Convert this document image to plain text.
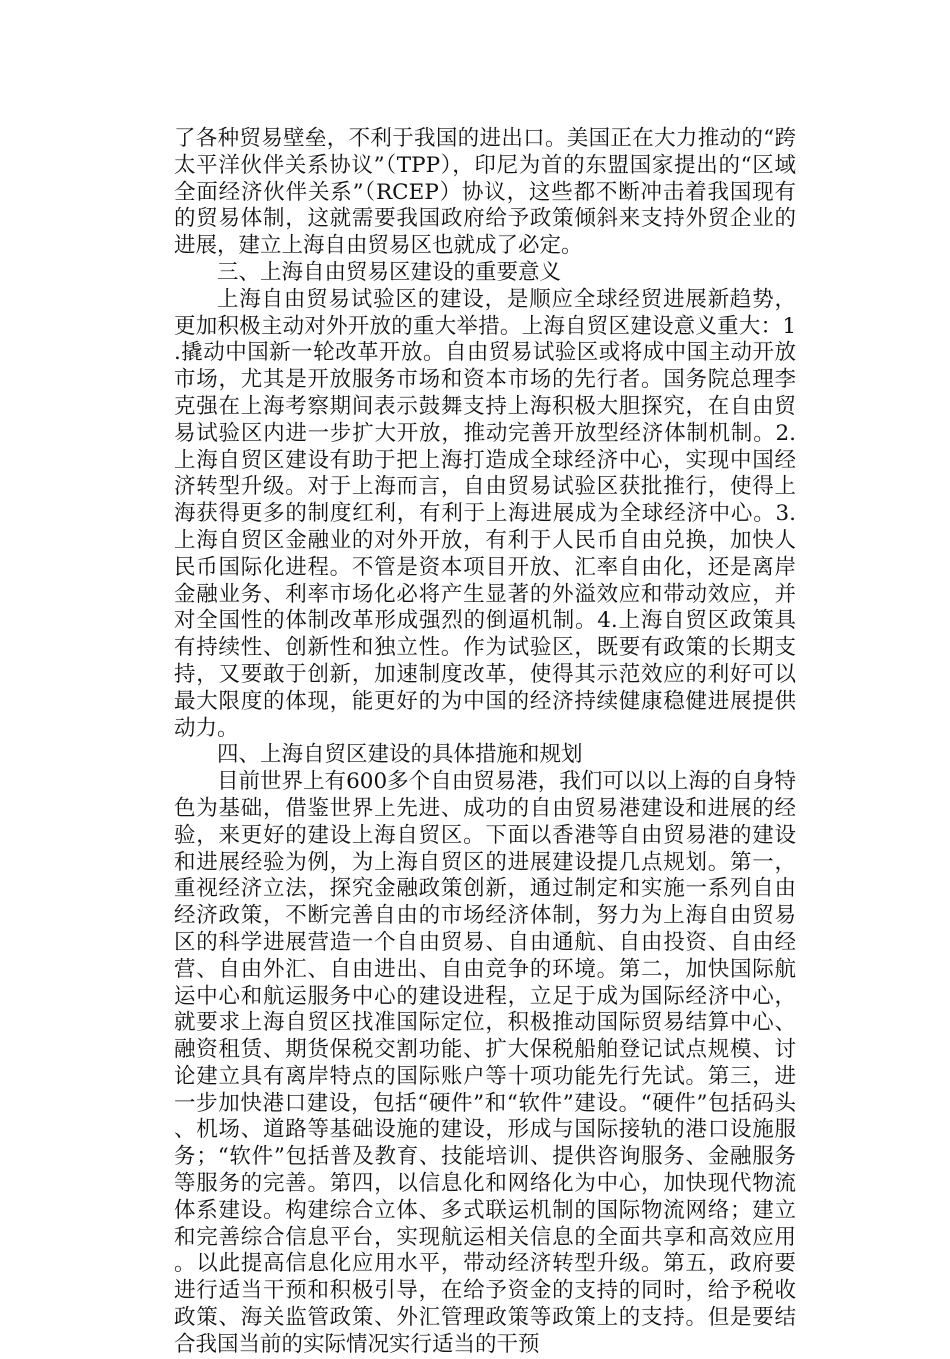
了各种贸易壁垒，不利于我国的进出口。美国正在大力推动的“跨太平洋伙伴关系协议”（TPP），印尼为首的东盟国家提出的“区域全面经济伙伴关系”（RCEP）协议，这些都不断冲击着我国现有的贸易体制，这就需要我国政府给予政策倾斜来支持外贸企业的进展，建立上海自由贸易区也就成了必定。

三、上海自由贸易区建设的重要意义

上海自由贸易试验区的建设，是顺应全球经贸进展新趋势，更加积极主动对外开放的重大举措。上海自贸区建设意义重大：1.撬动中国新一轮改革开放。自由贸易试验区或将成中国主动开放市场，尤其是开放服务市场和资本市场的先行者。国务院总理李克强在上海考察期间表示鼓舞支持上海积极大胆探究，在自由贸易试验区内进一步扩大开放，推动完善开放型经济体制机制。2.上海自贸区建设有助于把上海打造成全球经济中心，实现中国经济转型升级。对于上海而言，自由贸易试验区获批推行，使得上海获得更多的制度红利，有利于上海进展成为全球经济中心。3.上海自贸区金融业的对外开放，有利于人民币自由兑换，加快人民币国际化进程。不管是资本项目开放、汇率自由化，还是离岸金融业务、利率市场化必将产生显著的外溢效应和带动效应，并对全国性的体制改革形成强烈的倒逼机制。4.上海自贸区政策具有持续性、创新性和独立性。作为试验区，既要有政策的长期支持，又要敢于创新，加速制度改革，使得其示范效应的利好可以最大限度的体现，能更好的为中国的经济持续健康稳健进展提供动力。

四、上海自贸区建设的具体措施和规划

目前世界上有600多个自由贸易港，我们可以以上海的自身特色为基础，借鉴世界上先进、成功的自由贸易港建设和进展的经验，来更好的建设上海自贸区。下面以香港等自由贸易港的建设和进展经验为例，为上海自贸区的进展建设提几点规划。第一，重视经济立法，探究金融政策创新，通过制定和实施一系列自由经济政策，不断完善自由的市场经济体制，努力为上海自由贸易区的科学进展营造一个自由贸易、自由通航、自由投资、自由经营、自由外汇、自由进出、自由竞争的环境。第二，加快国际航运中心和航运服务中心的建设进程，立足于成为国际经济中心，就要求上海自贸区找准国际定位，积极推动国际贸易结算中心、融资租赁、期货保税交割功能、扩大保税船舶登记试点规模、讨论建立具有离岸特点的国际账户等十项功能先行先试。第三，进一步加快港口建设，包括“硬件”和“软件”建设。“硬件”包括码头、机场、道路等基础设施的建设，形成与国际接轨的港口设施服务；“软件”包括普及教育、技能培训、提供咨询服务、金融服务等服务的完善。第四，以信息化和网络化为中心，加快现代物流体系建设。构建综合立体、多式联运机制的国际物流网络；建立和完善综合信息平台，实现航运相关信息的全面共享和高效应用。以此提高信息化应用水平，带动经济转型升级。第五，政府要进行适当干预和积极引导，在给予资金的支持的同时，给予税收政策、海关监管政策、外汇管理政策等政策上的支持。但是要结合我国当前的实际情况实行适当的干预
